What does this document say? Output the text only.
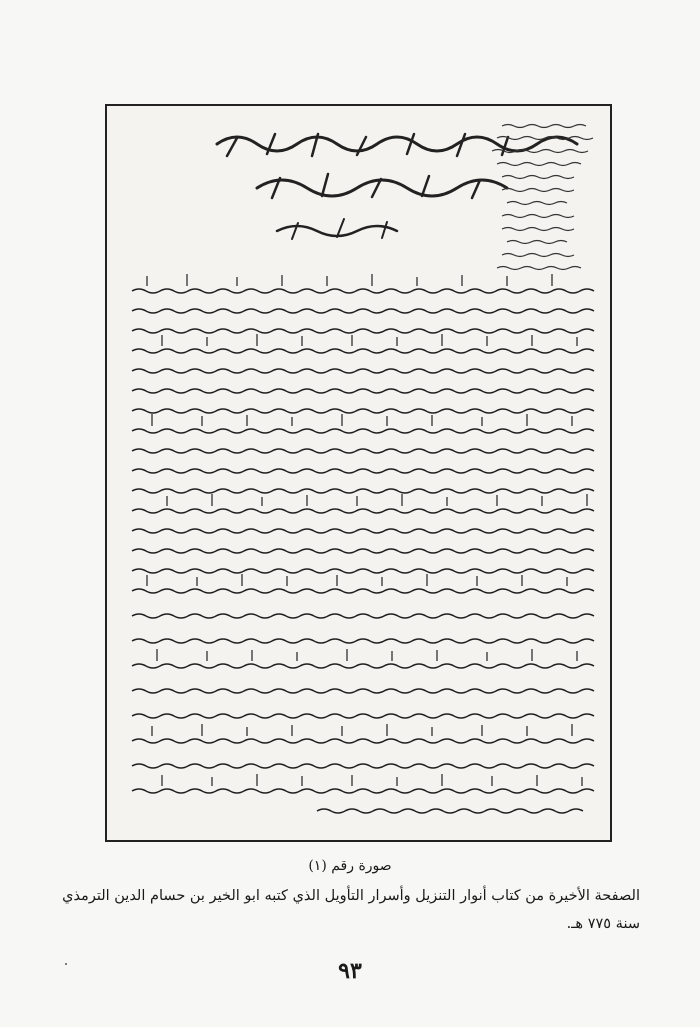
صورة رقم (١)
الصفحة الأخيرة من كتاب أنوار التنزيل وأسرار التأويل الذي كتبه ابو الخير بن حسام الدين الترمذي سنة ٧٧٥ هـ.
٩٣
